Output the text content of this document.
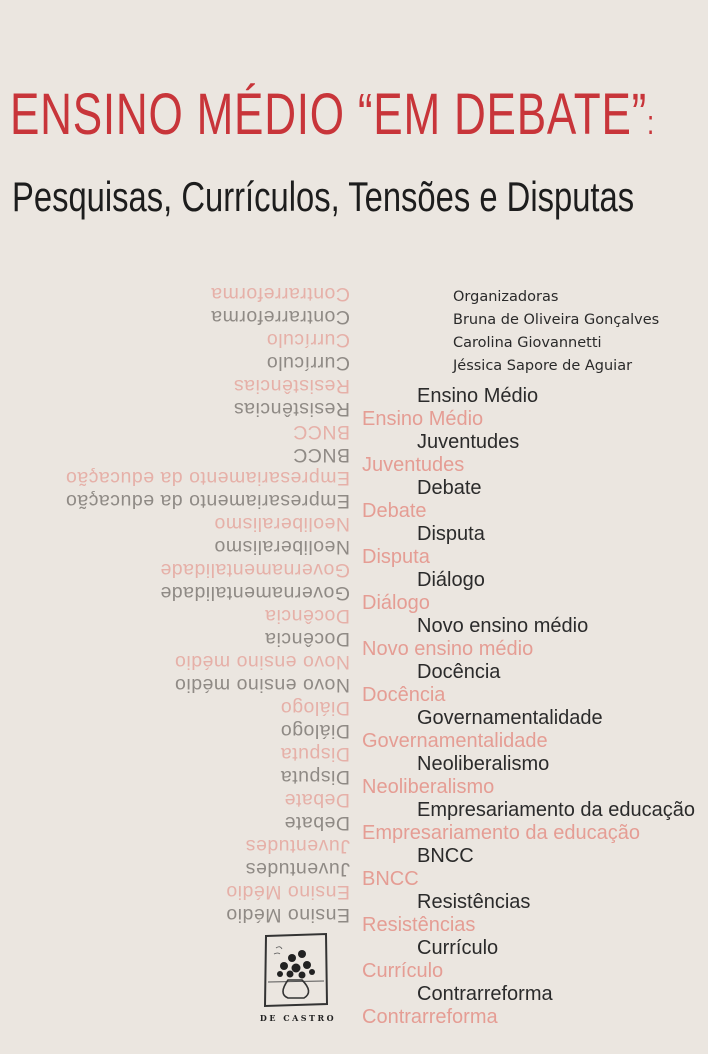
ENSINO MÉDIO “EM DEBATE”:
Pesquisas, Currículos, Tensões e Disputas
Organizadoras
Bruna de Oliveira Gonçalves
Carolina Giovannetti
Jéssica Sapore de Aguiar
Ensino Médio
Juventudes
Debate
Disputa
Diálogo
Novo ensino médio
Docência
Governamentalidade
Neoliberalismo
Empresariamento da educação
BNCC
Resistências
Currículo
Contrarreforma
Ensino Médio
Juventudes
Debate
Disputa
Diálogo
Novo ensino médio
Docência
Governamentalidade
Neoliberalismo
Empresariamento da educação
BNCC
Resistências
Currículo
Contrarreforma
Ensino Médio
Juventudes
Debate
Disputa
Diálogo
Novo ensino médio
Docência
Governamentalidade
Neoliberalismo
Empresariamento da educação
BNCC
Resistências
Currículo
Contrarreforma
Ensino Médio
Juventudes
Debate
Disputa
Diálogo
Novo ensino médio
Docência
Governamentalidade
Neoliberalismo
Empresariamento da educação
BNCC
Resistências
Currículo
Contrarreforma
DE CASTRO
